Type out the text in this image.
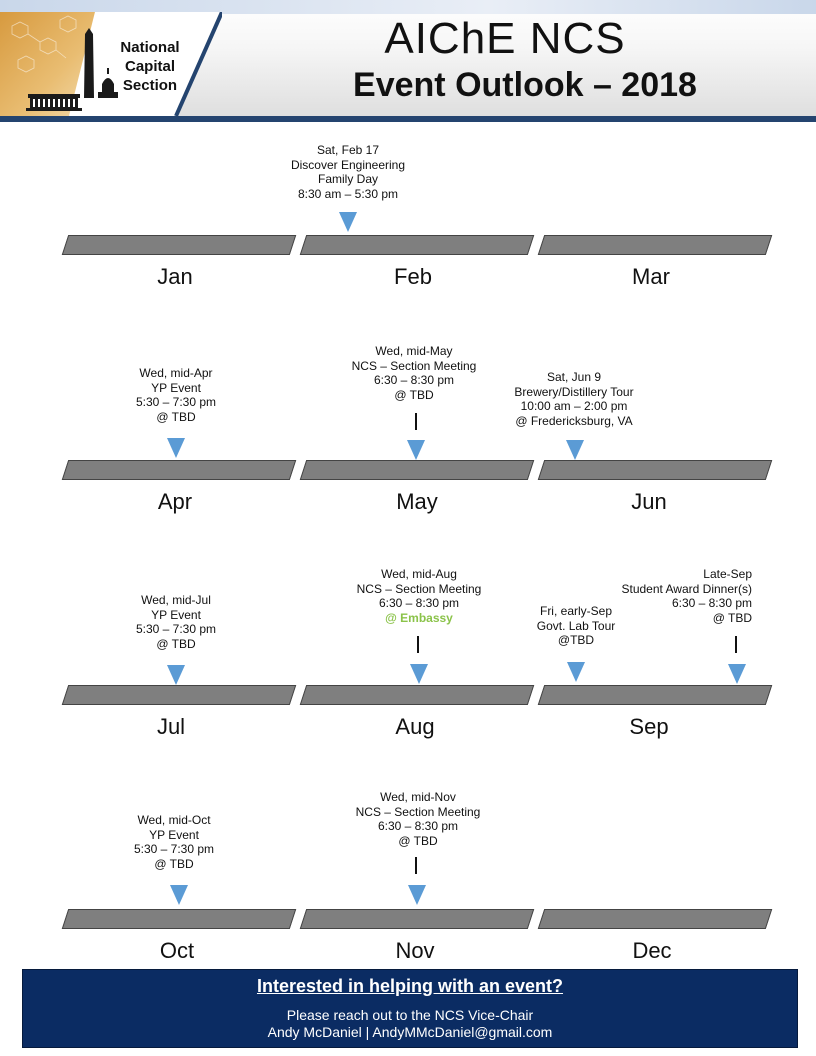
National
Capital
Section
AIChE NCS
Event Outlook – 2018
Sat, Feb 17
Discover Engineering
Family Day
8:30 am – 5:30 pm
Jan	Feb	Mar
Wed, mid-Apr
YP Event
5:30 – 7:30 pm
@ TBD
Wed, mid-May
NCS – Section Meeting
6:30 – 8:30 pm
@ TBD
Sat, Jun 9
Brewery/Distillery Tour
10:00 am – 2:00 pm
@ Fredericksburg, VA
Apr	May	Jun
Wed, mid-Jul
YP Event
5:30 – 7:30 pm
@ TBD
Wed, mid-Aug
NCS – Section Meeting
6:30 – 8:30 pm
@ Embassy	Fri, early-Sep
Govt. Lab Tour
@TBD
Late-Sep
Student Award Dinner(s)
6:30 – 8:30 pm
@ TBD
Jul	Aug	Sep
Wed, mid-Oct
YP Event
5:30 – 7:30 pm
@ TBD
Wed, mid-Nov
NCS – Section Meeting
6:30 – 8:30 pm
@ TBD
Oct	Nov	Dec
Interested in helping with an event?
Please reach out to the NCS Vice-Chair
Andy McDaniel | AndyMMcDaniel@gmail.com
